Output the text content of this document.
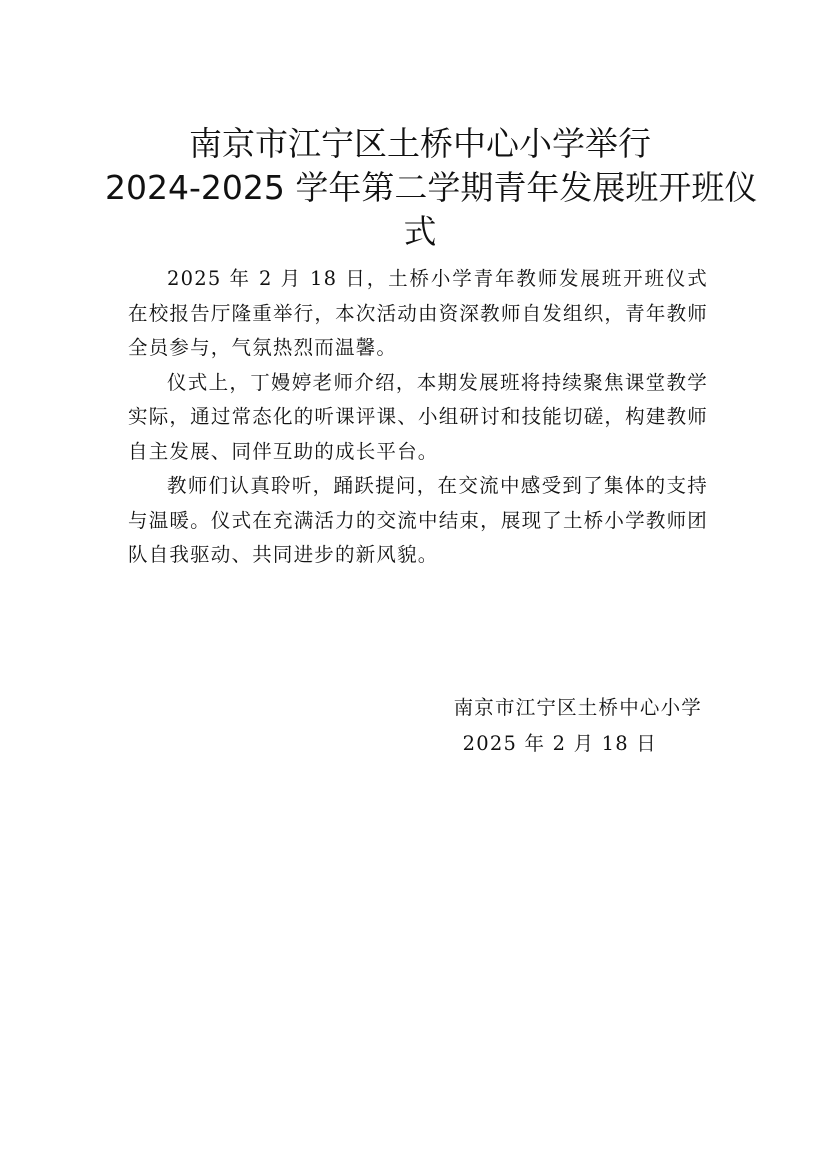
南京市江宁区土桥中心小学举行
2024-2025 学年第二学期青年发展班开班仪
式

2025 年 2 月 18 日，土桥小学青年教师发展班开班仪式在校报告厅隆重举行，本次活动由资深教师自发组织，青年教师全员参与，气氛热烈而温馨。

仪式上，丁嫚婷老师介绍，本期发展班将持续聚焦课堂教学实际，通过常态化的听课评课、小组研讨和技能切磋，构建教师自主发展、同伴互助的成长平台。

教师们认真聆听，踊跃提问，在交流中感受到了集体的支持与温暖。仪式在充满活力的交流中结束，展现了土桥小学教师团队自我驱动、共同进步的新风貌。

南京市江宁区土桥中心小学
2025 年 2 月 18 日
